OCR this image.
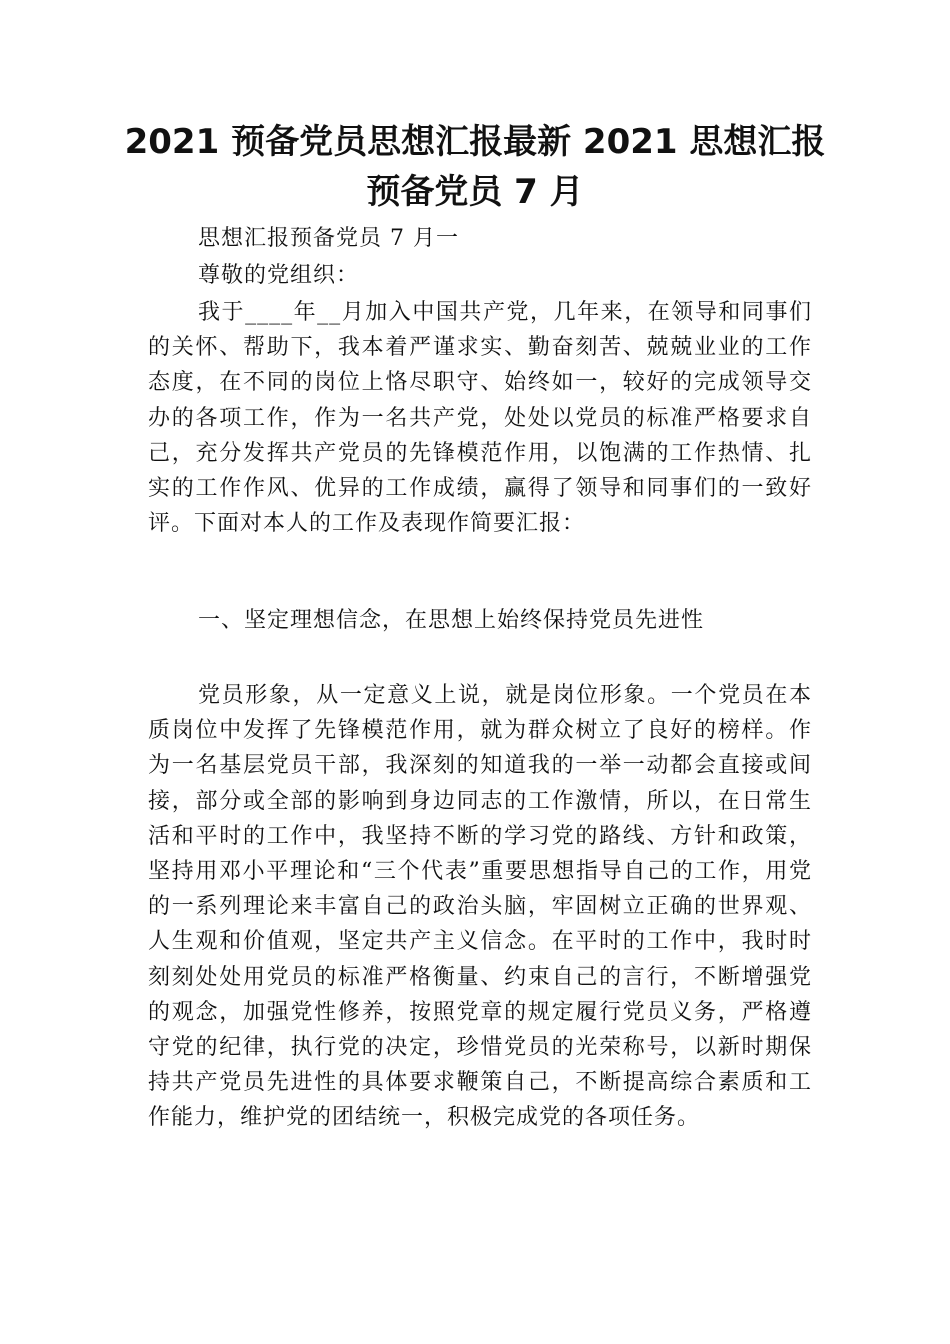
2021 预备党员思想汇报最新 2021 思想汇报
预备党员 7 月
思想汇报预备党员 7 月一
尊敬的党组织：

我于____年__月加入中国共产党，几年来，在领导和同事们的关怀、帮助下，我本着严谨求实、勤奋刻苦、兢兢业业的工作态度，在不同的岗位上恪尽职守、始终如一，较好的完成领导交办的各项工作，作为一名共产党，处处以党员的标准严格要求自己，充分发挥共产党员的先锋模范作用，以饱满的工作热情、扎实的工作作风、优异的工作成绩，赢得了领导和同事们的一致好评。下面对本人的工作及表现作简要汇报：

一、坚定理想信念，在思想上始终保持党员先进性

党员形象，从一定意义上说，就是岗位形象。一个党员在本质岗位中发挥了先锋模范作用，就为群众树立了良好的榜样。作为一名基层党员干部，我深刻的知道我的一举一动都会直接或间接，部分或全部的影响到身边同志的工作激情，所以，在日常生活和平时的工作中，我坚持不断的学习党的路线、方针和政策，坚持用邓小平理论和“三个代表”重要思想指导自己的工作，用党的一系列理论来丰富自己的政治头脑，牢固树立正确的世界观、人生观和价值观，坚定共产主义信念。在平时的工作中，我时时刻刻处处用党员的标准严格衡量、约束自己的言行，不断增强党的观念，加强党性修养，按照党章的规定履行党员义务，严格遵守党的纪律，执行党的决定，珍惜党员的光荣称号，以新时期保持共产党员先进性的具体要求鞭策自己，不断提高综合素质和工作能力，维护党的团结统一，积极完成党的各项任务。
